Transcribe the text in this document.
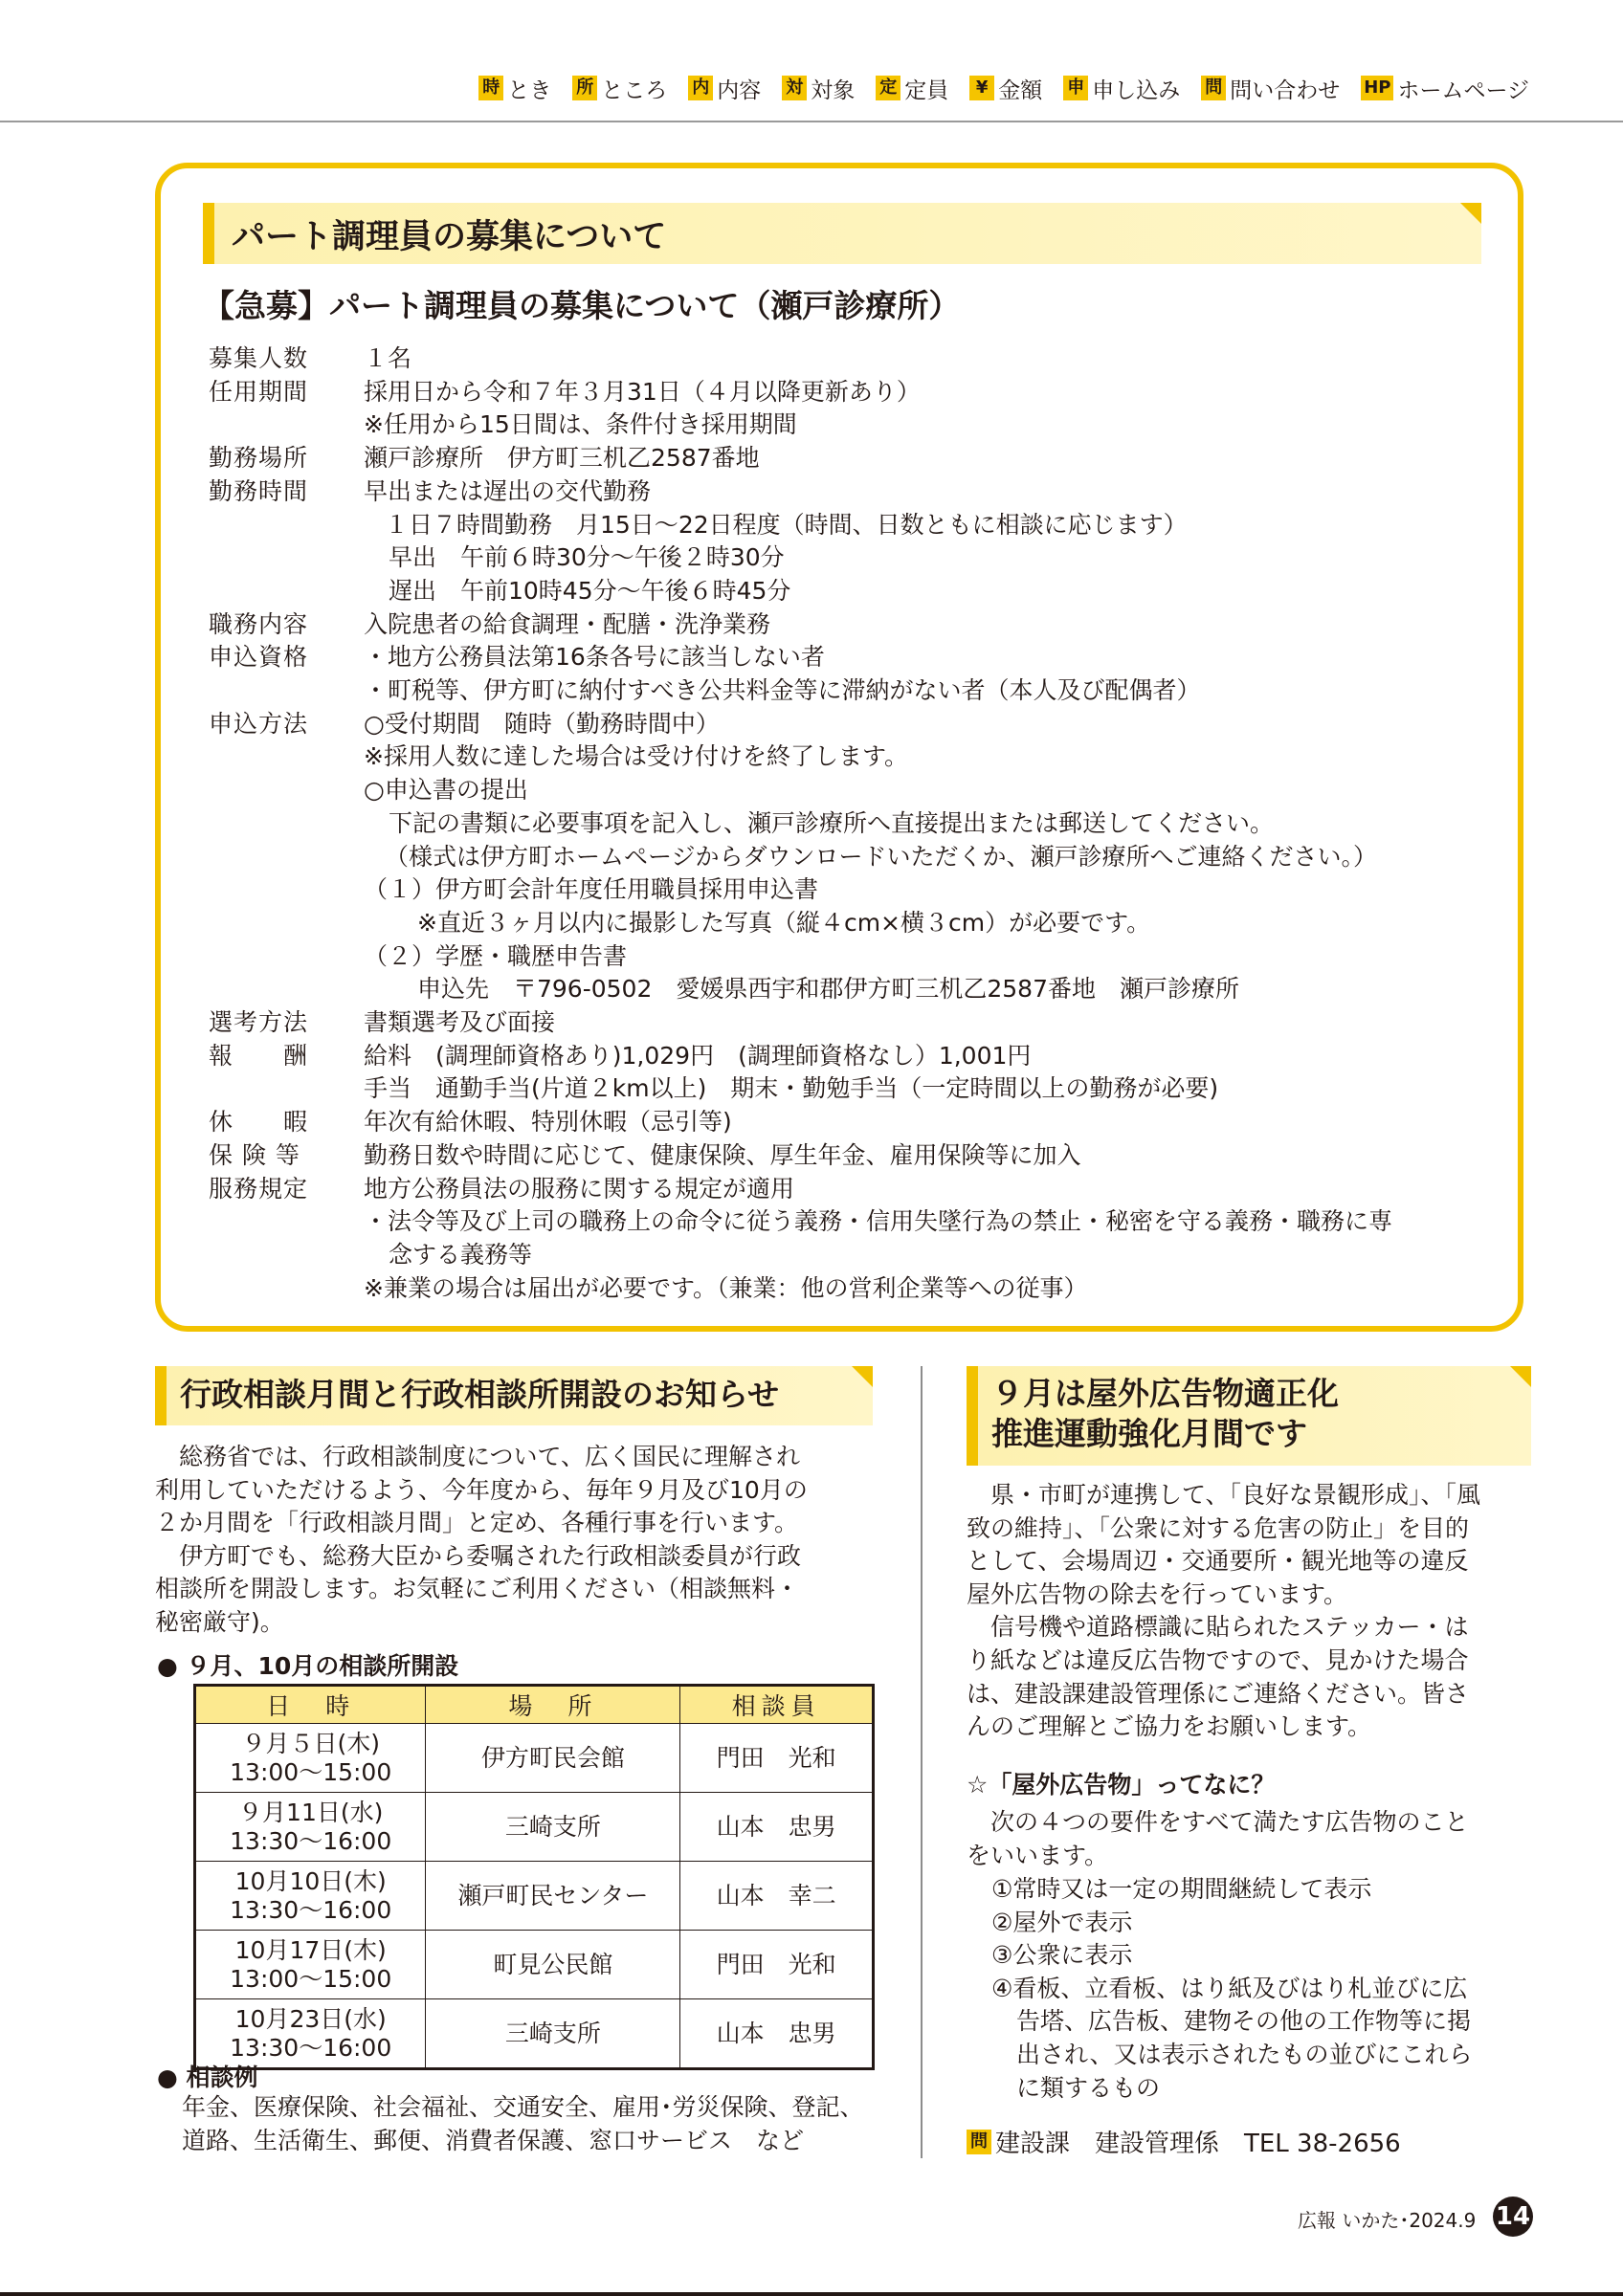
時 とき 所 ところ 内 内容 対 対象 定 定員	¥ 金額 申 申し込み 問 問い合わせ HP ホームページ
パート調理員の募集について
【急募】パート調理員の募集について（瀬戸診療所）
募集人数	１名
任用期間	採用日から令和７年３月31日（４月以降更新あり）
※任用から15日間は、条件付き採用期間
勤務場所	瀬戸診療所　伊方町三机乙2587番地
勤務時間	早出または遅出の交代勤務
１日７時間勤務　月15日～22日程度（時間、日数ともに相談に応じます）
早出　午前６時30分～午後２時30分
遅出　午前10時45分～午後６時45分
職務内容	入院患者の給食調理・配膳・洗浄業務
申込資格	・地方公務員法第16条各号に該当しない者
・町税等、伊方町に納付すべき公共料金等に滞納がない者（本人及び配偶者）
申込方法	○受付期間　随時（勤務時間中）
※採用人数に達した場合は受け付けを終了します。
○申込書の提出
下記の書類に必要事項を記入し、瀬戸診療所へ直接提出または郵送してください。
（様式は伊方町ホームページからダウンロードいただくか、瀬戸診療所へご連絡ください。）
（１）伊方町会計年度任用職員採用申込書
※直近３ヶ月以内に撮影した写真（縦４cm×横３cm）が必要です。
（２）学歴・職歴申告書
申込先　〒796-0502　愛媛県西宇和郡伊方町三机乙2587番地　瀬戸診療所
選考方法	書類選考及び面接
報　　酬	給料　(調理師資格あり)1,029円　(調理師資格なし）1,001円
手当　通勤手当(片道２km以上)　期末・勤勉手当（一定時間以上の勤務が必要)
休　　暇	年次有給休暇、特別休暇（忌引等)
保 険 等	勤務日数や時間に応じて、健康保険、厚生年金、雇用保険等に加入
服務規定	地方公務員法の服務に関する規定が適用
・法令等及び上司の職務上の命令に従う義務・信用失墜行為の禁止・秘密を守る義務・職務に専
念する義務等
※兼業の場合は届出が必要です。（兼業：他の営利企業等への従事）
行政相談月間と行政相談所開設のお知らせ

　総務省では、行政相談制度について、広く国民に理解され

利用していただけるよう、今年度から、毎年９月及び10月の

２か月間を「行政相談月間」と定め、各種行事を行います。

　伊方町でも、総務大臣から委嘱された行政相談委員が行政

相談所を開設します。お気軽にご利用ください（相談無料・

秘密厳守)。

● ９月、10月の相談所開設
日　時	場　所	相談員

９月５日(木)
13:00～15:00	伊方町民会館	門田　光和

９月11日(水)
13:30～16:00	三崎支所	山本　忠男

10月10日(木)
13:30～16:00	瀬戸町民センター	山本　幸二

10月17日(木)
13:00～15:00	町見公民館	門田　光和

10月23日(水)
13:30～16:00	三崎支所	山本　忠男
● 相談例

年金、医療保険、社会福祉、交通安全、雇用･労災保険、登記、

道路、生活衛生、郵便、消費者保護、窓口サービス　など

９月は屋外広告物適正化
推進運動強化月間です

　県・市町が連携して、「良好な景観形成」、「風

致の維持」、「公衆に対する危害の防止」を目的

として、会場周辺・交通要所・観光地等の違反

屋外広告物の除去を行っています。

　信号機や道路標識に貼られたステッカー・は

り紙などは違反広告物ですので、見かけた場合

は、建設課建設管理係にご連絡ください。皆さ

んのご理解とご協力をお願いします。

☆「屋外広告物」ってなに？

　次の４つの要件をすべて満たす広告物のこと

をいいます。

①常時又は一定の期間継続して表示

②屋外で表示

③公衆に表示

④看板、立看板、はり紙及びはり札並びに広

告塔、広告板、建物その他の工作物等に掲

出され、又は表示されたもの並びにこれら

に類するもの

問 建設課　建設管理係　TEL 38-2656
広報 いかた･2024.9 14
